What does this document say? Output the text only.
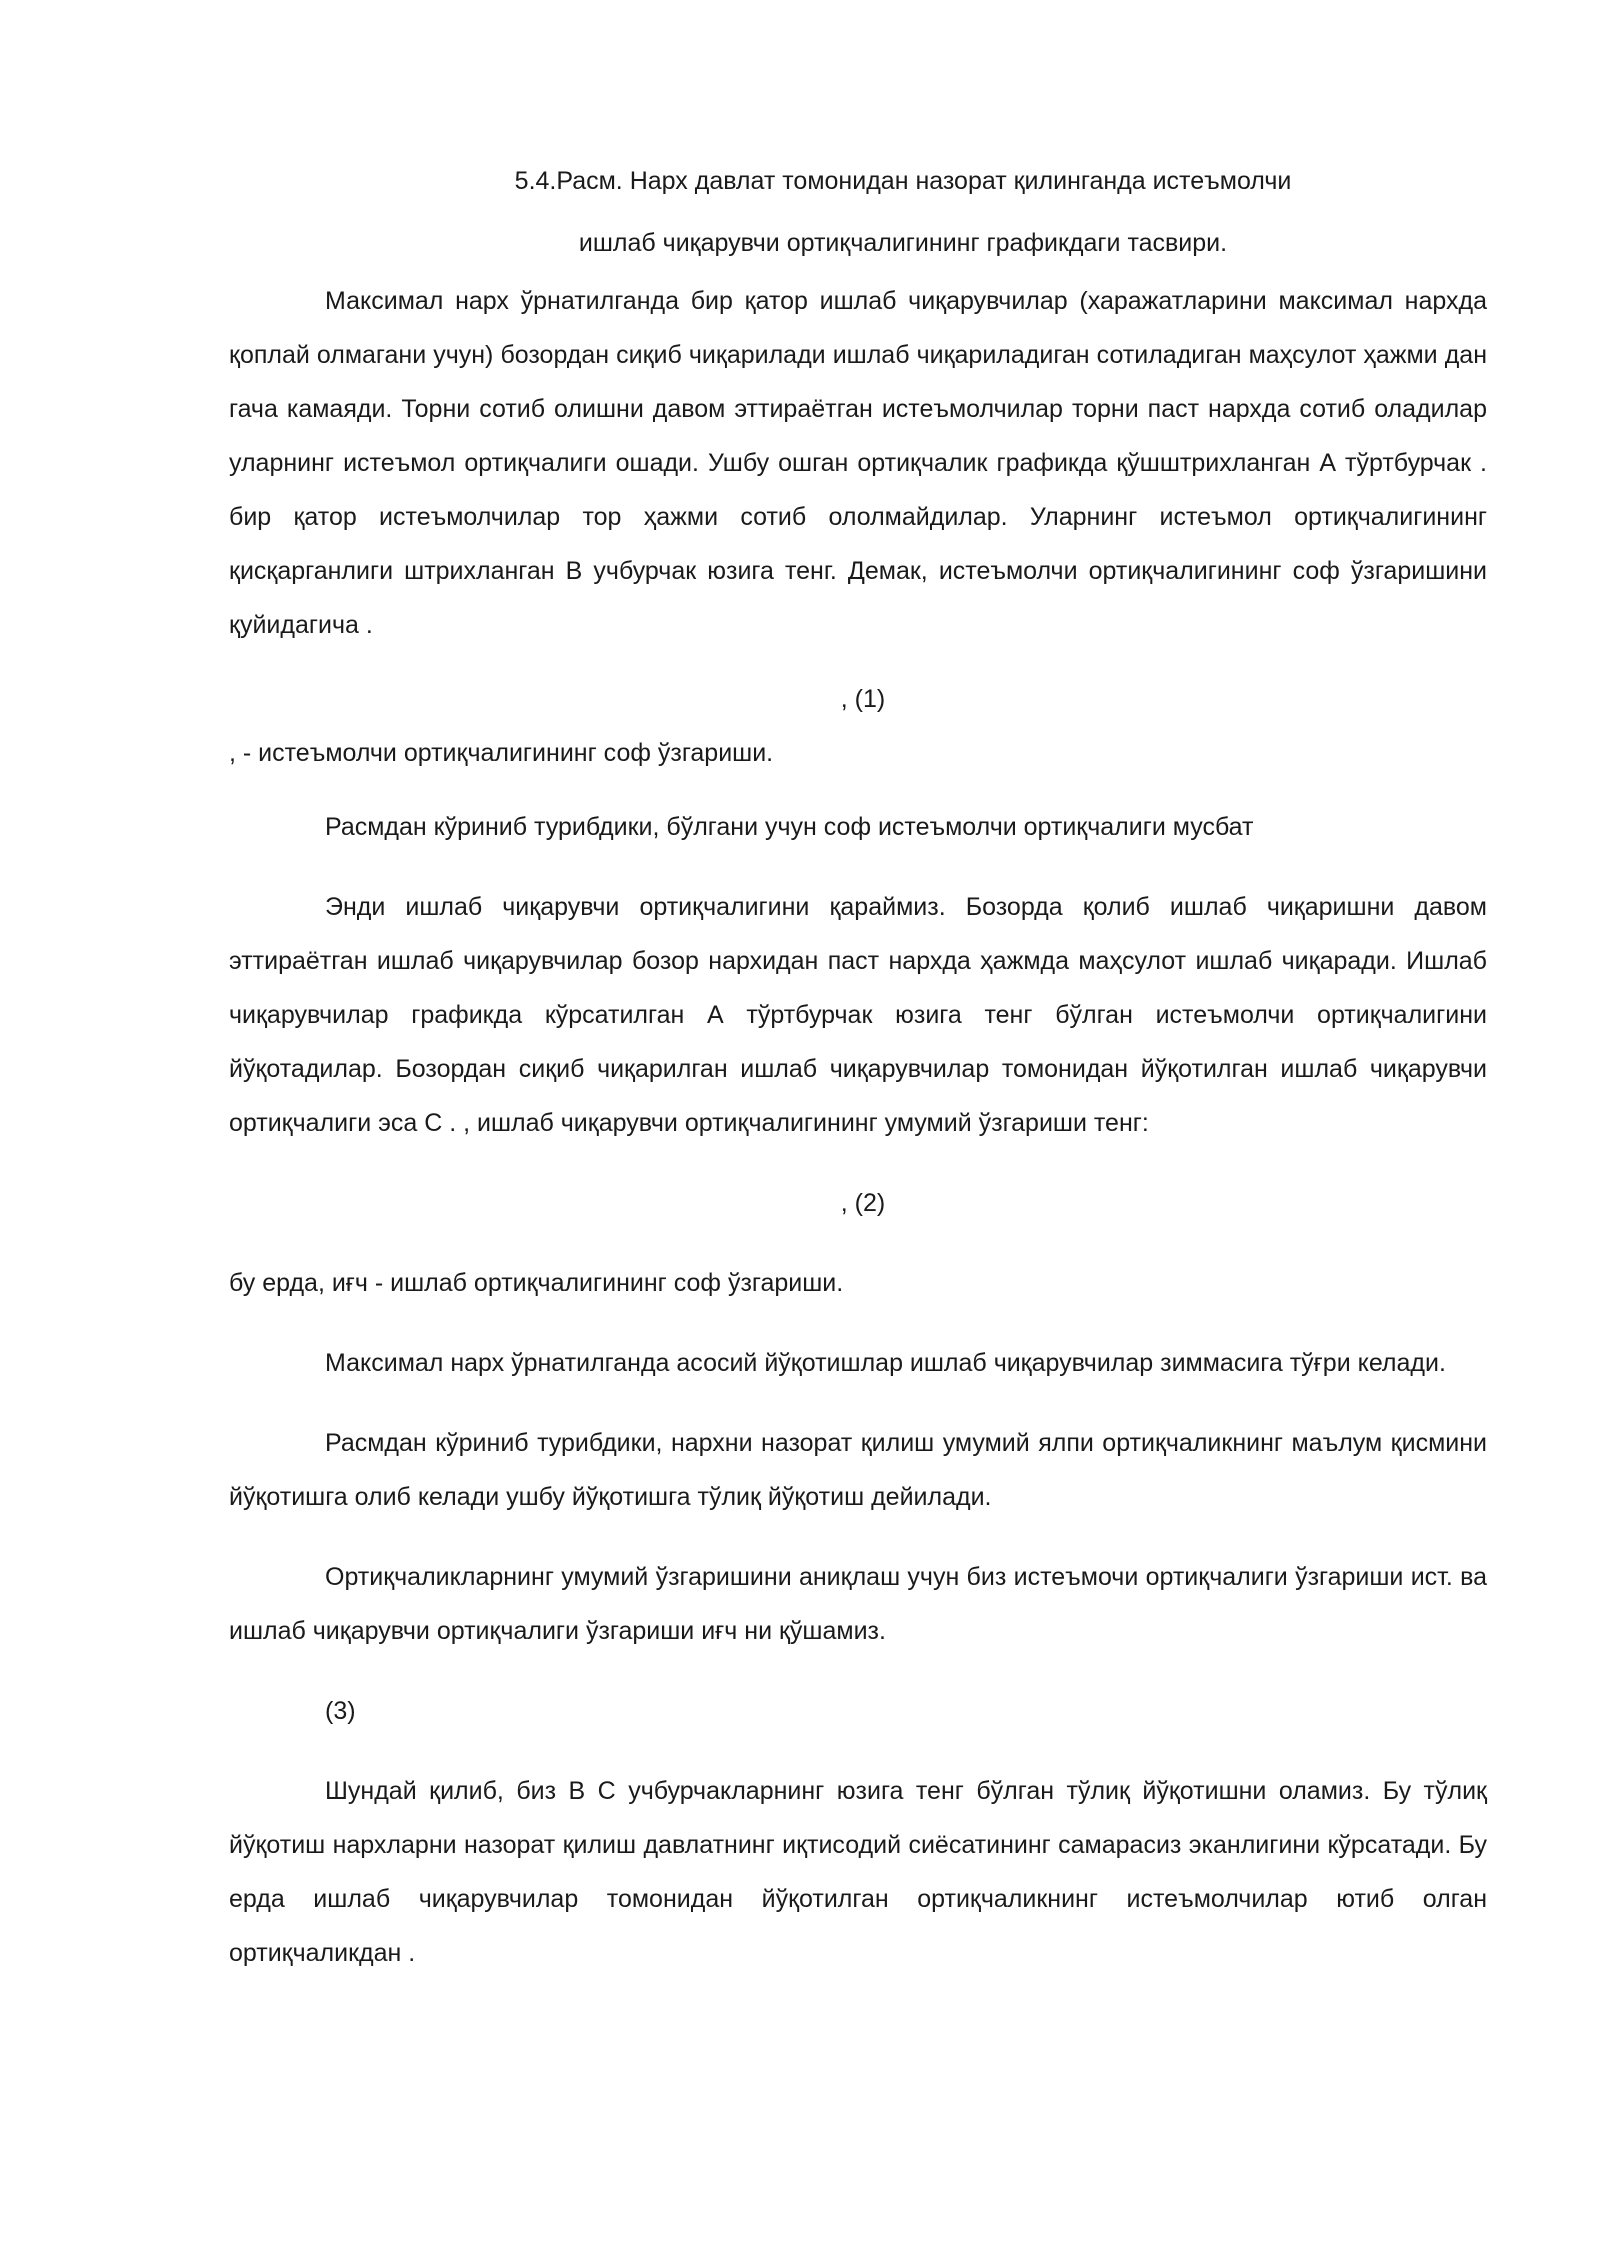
5.4.Расм. Нарх давлат томонидан назорат қилинганда истеъмолчи

ишлаб чиқарувчи ортиқчалигининг графикдаги тасвири.

Максимал нарх ўрнатилганда бир қатор ишлаб чиқарувчилар (харажатларини максимал нархда қоплай олмагани учун) бозордан сиқиб чиқарилади ишлаб чиқариладиган сотиладиган маҳсулот ҳажми дан гача камаяди. Торни сотиб олишни давом эттираётган истеъмолчилар торни паст нархда сотиб оладилар уларнинг истеъмол ортиқчалиги ошади. Ушбу ошган ортиқчалик графикда қўшштрихланган А тўртбурчак . бир қатор истеъмолчилар тор ҳажми сотиб ололмайдилар. Уларнинг истеъмол ортиқчалигининг қисқарганлиги штрихланган В учбурчак юзига тенг. Демак, истеъмолчи ортиқчалигининг соф ўзгаришини қуйидагича .

, (1)

, - истеъмолчи ортиқчалигининг соф ўзгариши.

Расмдан кўриниб турибдики, бўлгани учун соф истеъмолчи ортиқчалиги мусбат

Энди ишлаб чиқарувчи ортиқчалигини қараймиз. Бозорда қолиб ишлаб чиқаришни давом эттираётган ишлаб чиқарувчилар бозор нархидан паст нархда ҳажмда маҳсулот ишлаб чиқаради. Ишлаб чиқарувчилар графикда кўрсатилган А тўртбурчак юзига тенг бўлган истеъмолчи ортиқчалигини йўқотадилар. Бозордан сиқиб чиқарилган ишлаб чиқарувчилар томонидан йўқотилган ишлаб чиқарувчи ортиқчалиги эса С . , ишлаб чиқарувчи ортиқчалигининг умумий ўзгариши тенг:

, (2)

бу ерда, иғч - ишлаб ортиқчалигининг соф ўзгариши.

Максимал нарх ўрнатилганда асосий йўқотишлар ишлаб чиқарувчилар зиммасига тўғри келади.

Расмдан кўриниб турибдики, нархни назорат қилиш умумий ялпи ортиқчаликнинг маълум қисмини йўқотишга олиб келади ушбу йўқотишга тўлиқ йўқотиш дейилади.

Ортиқчаликларнинг умумий ўзгаришини аниқлаш учун биз истеъмочи ортиқчалиги ўзгариши ист. ва ишлаб чиқарувчи ортиқчалиги ўзгариши иғч ни қўшамиз.

(3)

Шундай қилиб, биз В С учбурчакларнинг юзига тенг бўлган тўлиқ йўқотишни оламиз. Бу тўлиқ йўқотиш нархларни назорат қилиш давлатнинг иқтисодий сиёсатининг самарасиз эканлигини кўрсатади. Бу ерда ишлаб чиқарувчилар томонидан йўқотилган ортиқчаликнинг истеъмолчилар ютиб олган ортиқчаликдан .
